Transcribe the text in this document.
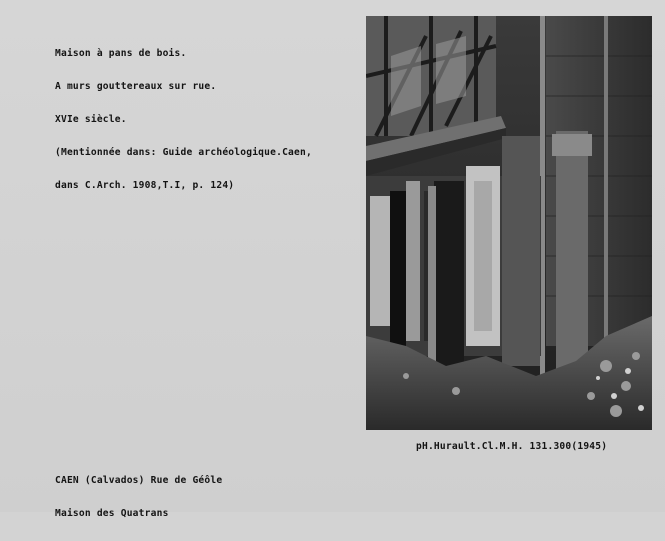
Maison à pans de bois.

A murs gouttereaux sur rue.

XVIe siècle.

(Mentionnée dans: Guide archéologique.Caen,

dans C.Arch. 1908,T.I, p. 124)

pH.Hurault.Cl.M.H. 131.300(1945)

CAEN (Calvados) Rue de Géôle

Maison des Quatrans
